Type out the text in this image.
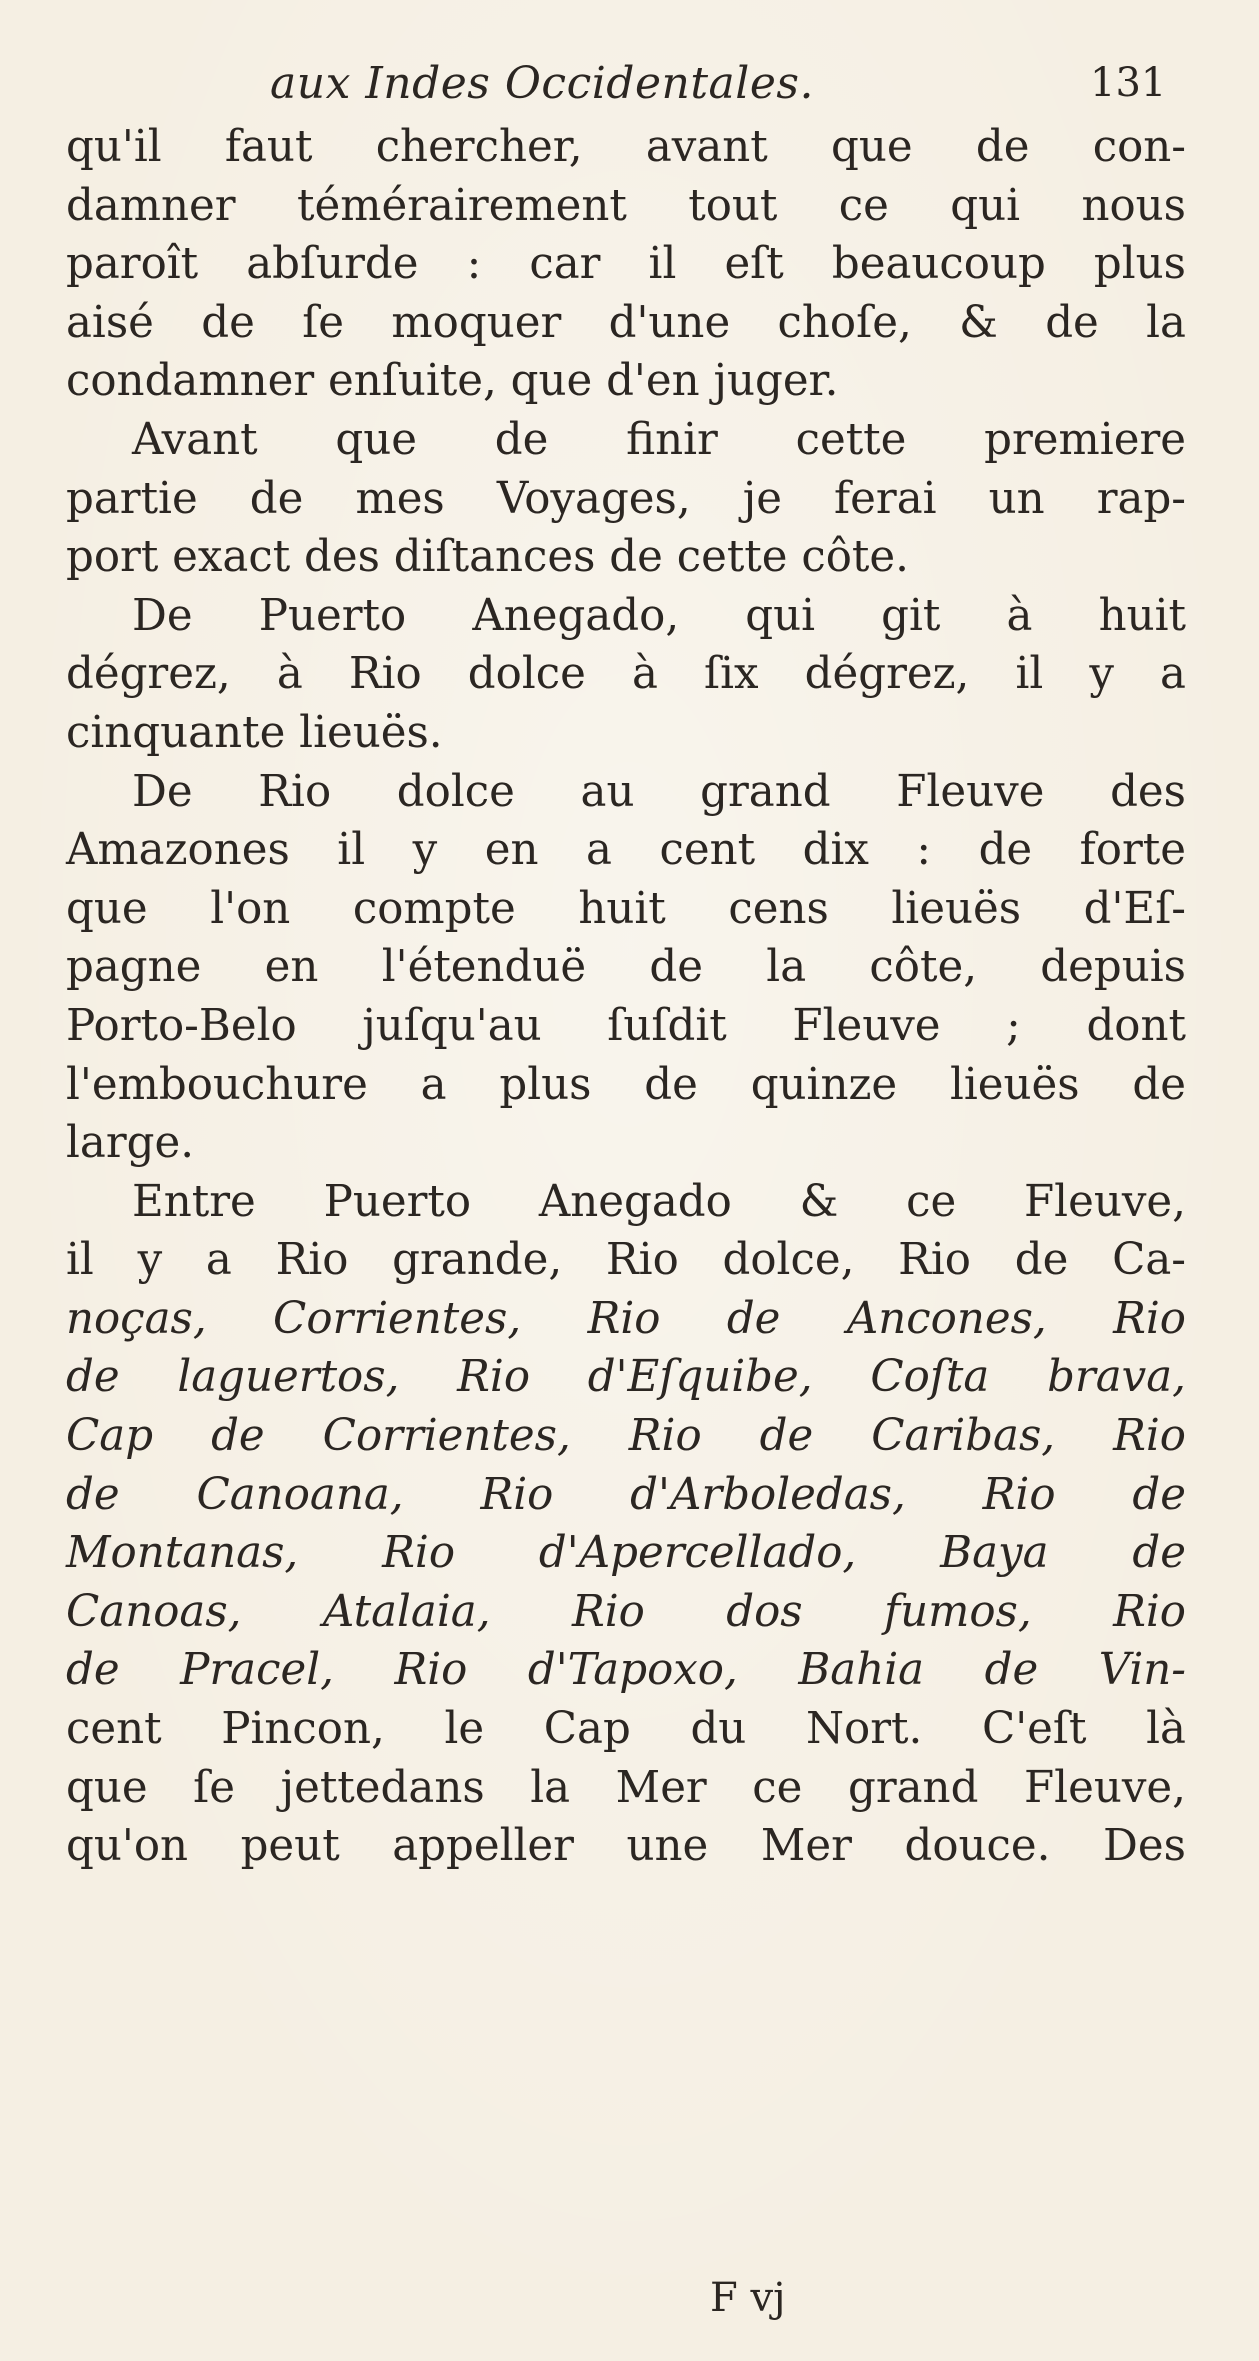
aux Indes Occidentales.	131
qu'il faut chercher, avant que de con-
damner témérairement tout ce qui nous
paroît abſurde : car il eſt beaucoup plus
aisé de ſe moquer d'une choſe, & de la
condamner enſuite, que d'en juger.
Avant que de finir cette premiere
partie de mes Voyages, je ferai un rap-
port exact des diſtances de cette côte.
De Puerto Anegado, qui git à huit
dégrez, à Rio dolce à ſix dégrez, il y a
cinquante lieuës.
De Rio dolce au grand Fleuve des
Amazones il y en a cent dix : de forte
que l'on compte huit cens lieuës d'Eſ-
pagne en l'étenduë de la côte, depuis
Porto-Belo juſqu'au ſuſdit Fleuve ; dont
l'embouchure a plus de quinze lieuës de
large.
Entre Puerto Anegado & ce Fleuve,
il y a Rio grande, Rio dolce, Rio de Ca-
noças, Corrientes, Rio de Ancones, Rio
de laguertos, Rio d'Eſquibe, Coſta brava,
Cap de Corrientes, Rio de Caribas, Rio
de Canoana, Rio d'Arboledas, Rio de
Montanas, Rio d'Apercellado, Baya de
Canoas, Atalaia, Rio dos fumos, Rio
de Pracel, Rio d'Tapoxo, Bahia de Vin-
cent Pincon, le Cap du Nort. C'eſt là
que ſe jettedans la Mer ce grand Fleuve,
qu'on peut appeller une Mer douce. Des
F vj
